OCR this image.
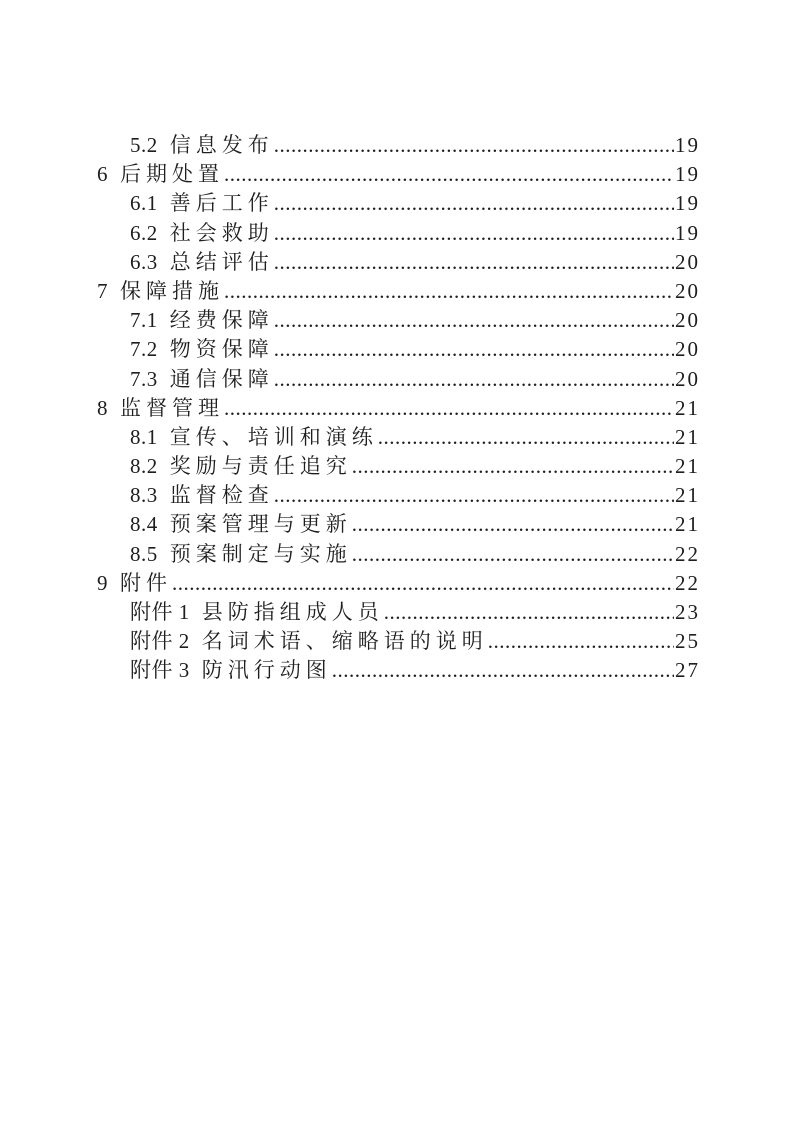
5.2 信息发布 .....	19
6 后期处置 .....	19
6.1 善后工作 .....	19
6.2 社会救助 .....	19
6.3 总结评估 .....	20
7 保障措施 .....	20
7.1 经费保障 .....	20
7.2 物资保障 .....	20
7.3 通信保障 .....	20
8 监督管理 .....	21
8.1 宣传、培训和演练 .....	21
8.2 奖励与责任追究 .....	21
8.3 监督检查 .....	21
8.4 预案管理与更新 .....	21
8.5 预案制定与实施 .....	22
9 附件 .....	22
附件 1 县防指组成人员 .....	23
附件 2 名词术语、缩略语的说明 .....	25
附件 3 防汛行动图 .....	27
